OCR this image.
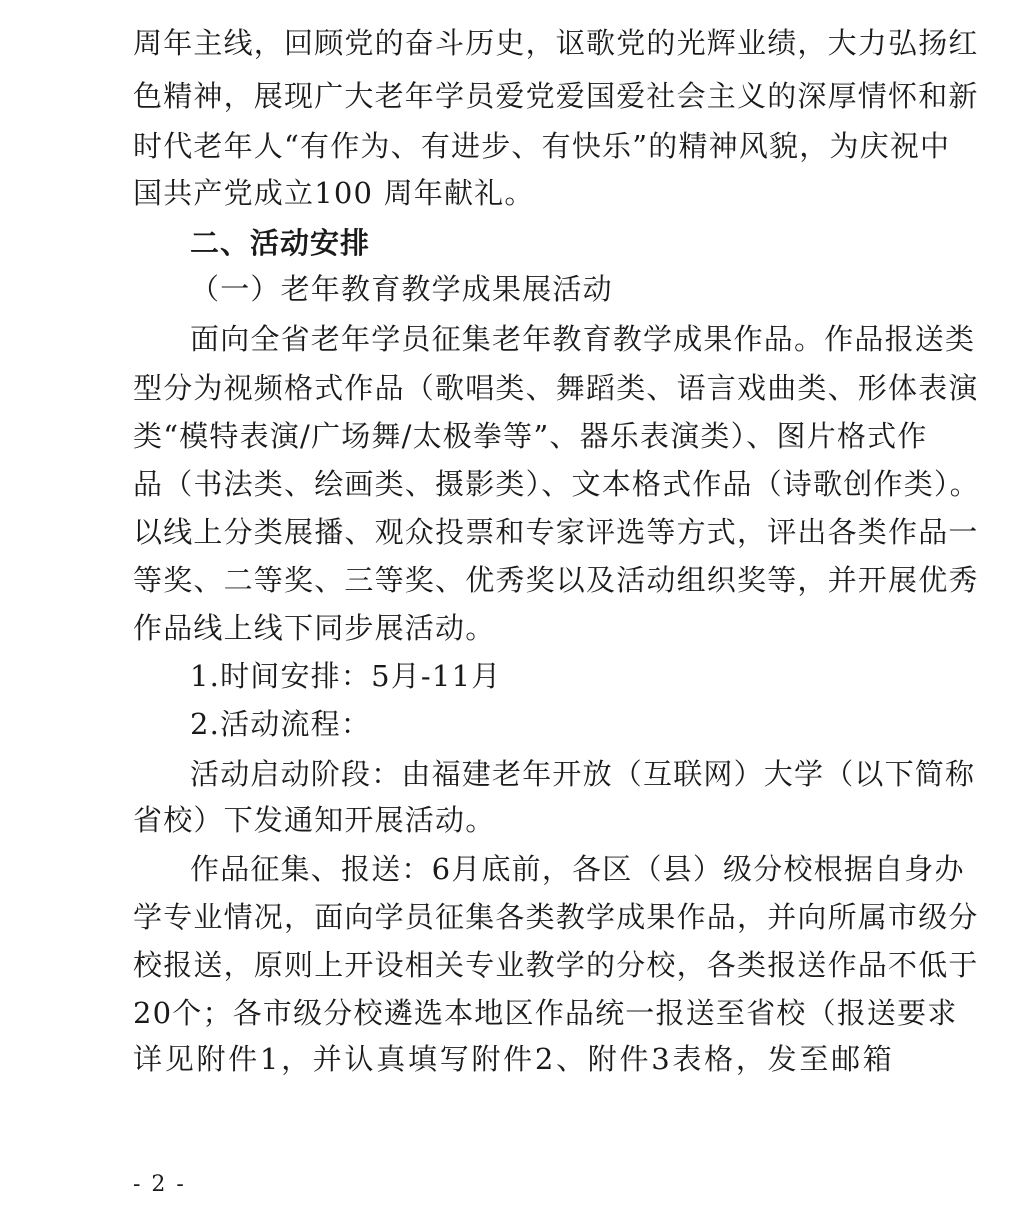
周年主线，回顾党的奋斗历史，讴歌党的光辉业绩，大力弘扬红
色精神，展现广大老年学员爱党爱国爱社会主义的深厚情怀和新
时代老年人“有作为、有进步、有快乐”的精神风貌，为庆祝中
国共产党成立100 周年献礼。
二、活动安排
（一）老年教育教学成果展活动
面向全省老年学员征集老年教育教学成果作品。作品报送类
型分为视频格式作品（歌唱类、舞蹈类、语言戏曲类、形体表演
类“模特表演/广场舞/太极拳等”、器乐表演类）、图片格式作
品（书法类、绘画类、摄影类）、文本格式作品（诗歌创作类）。
以线上分类展播、观众投票和专家评选等方式，评出各类作品一
等奖、二等奖、三等奖、优秀奖以及活动组织奖等，并开展优秀
作品线上线下同步展活动。
1.时间安排：5月-11月
2.活动流程：
活动启动阶段：由福建老年开放（互联网）大学（以下简称
省校）下发通知开展活动。
作品征集、报送：6月底前，各区（县）级分校根据自身办
学专业情况，面向学员征集各类教学成果作品，并向所属市级分
校报送，原则上开设相关专业教学的分校，各类报送作品不低于
20个；各市级分校遴选本地区作品统一报送至省校（报送要求
详见附件1，并认真填写附件2、附件3表格，发至邮箱
- 2 -
